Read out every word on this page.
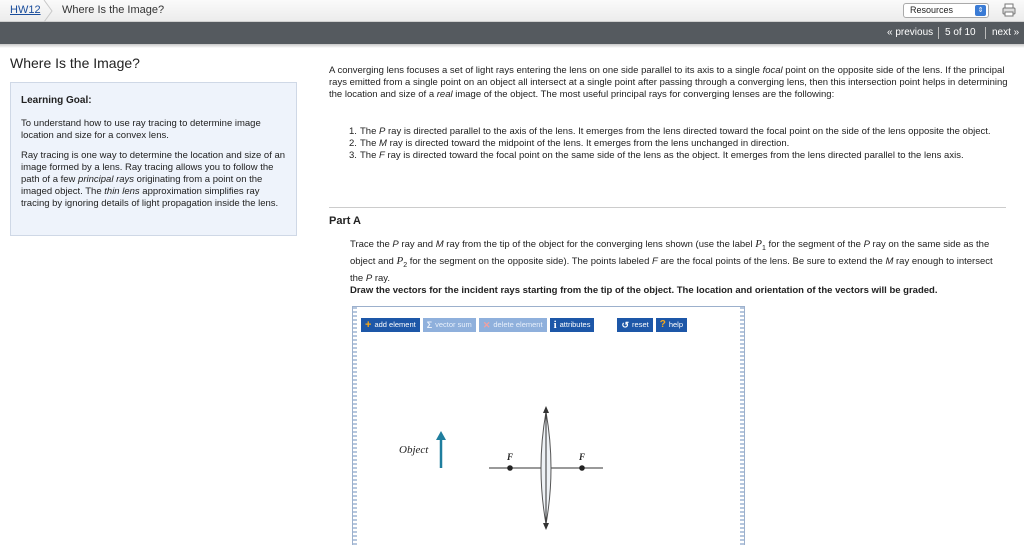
HW12 Where Is the Image?	Resources	⇕
« previous 5 of 10 next »
Where Is the Image?
Learning Goal:

To understand how to use ray tracing to determine image location and size for a convex lens.

Ray tracing is one way to determine the location and size of an image formed by a lens. Ray tracing allows you to follow the path of a few principal rays originating from a point on the imaged object. The thin lens approximation simplifies ray tracing by ignoring details of light propagation inside the lens.

A converging lens focuses a set of light rays entering the lens on one side parallel to its axis to a single focal point on the opposite side of the lens. If the principal rays emitted from a single point on an object all intersect at a single point after passing through a converging lens, then this intersection point helps in determining the location and size of a real image of the object. The most useful principal rays for converging lenses are the following:

1. The P ray is directed parallel to the axis of the lens. It emerges from the lens directed toward the focal point on the side of the lens opposite the object.
2. The M ray is directed toward the midpoint of the lens. It emerges from the lens unchanged in direction.
3. The F ray is directed toward the focal point on the same side of the lens as the object. It emerges from the lens directed parallel to the lens axis.
Part A

Trace the P ray and M ray from the tip of the object for the converging lens shown (use the label $P_1$ for the segment of the P ray on the same side as the object and $P_2$ for the segment on the opposite side). The points labeled F are the focal points of the lens. Be sure to extend the M ray enough to intersect the P ray.

Draw the vectors for the incident rays starting from the tip of the object. The location and orientation of the vectors will be graded.

+ add element Σ vector sum ✕ delete element i attributes	↺ reset ? help
F	F
Object
